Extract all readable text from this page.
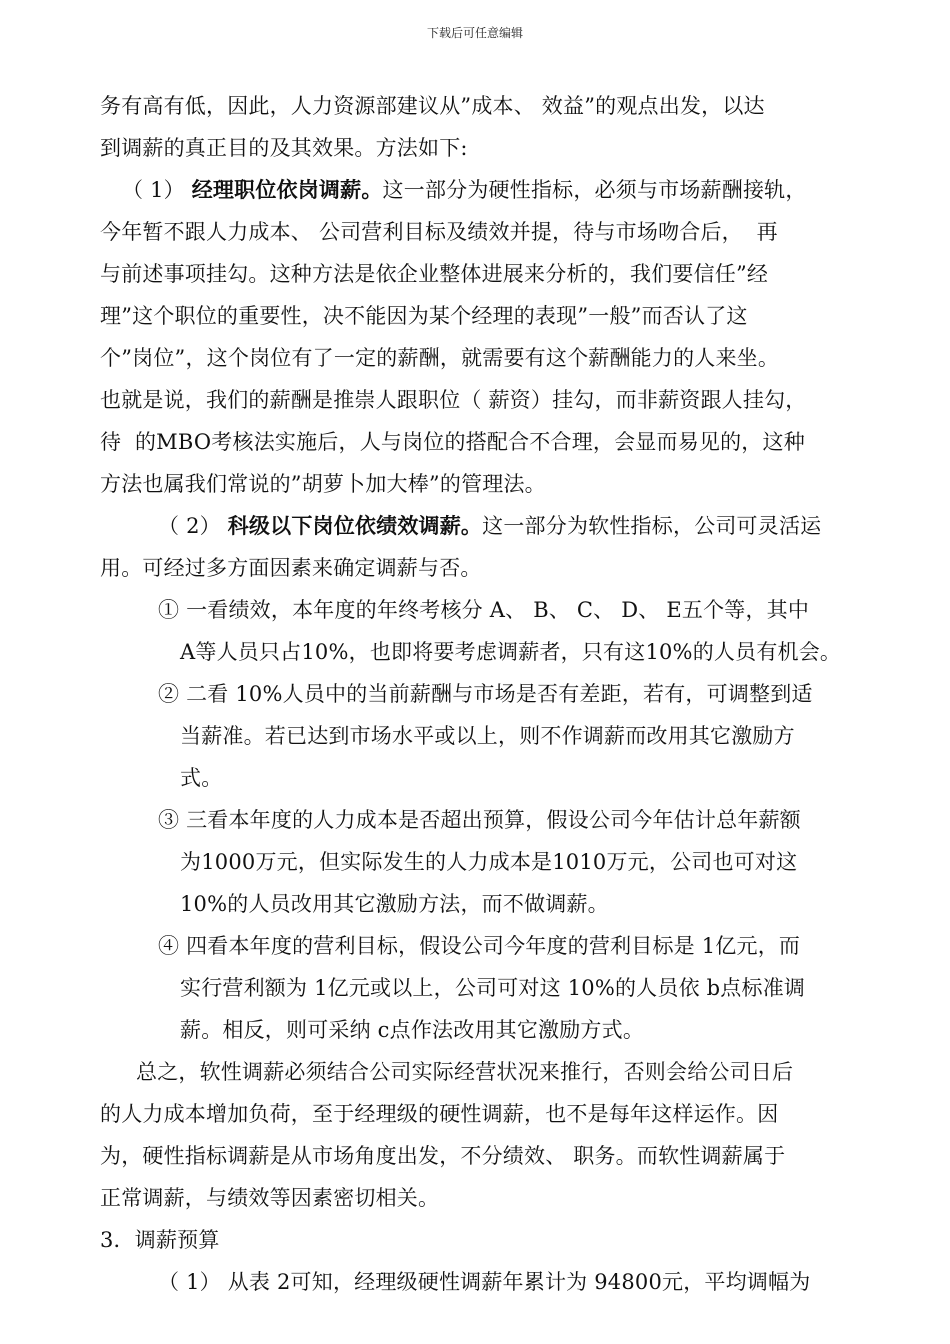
下载后可任意编辑
务有高有低，因此，人力资源部建议从”成本、 效益”的观点出发，以达
到调薪的真正目的及其效果。方法如下:
（ 1） 经理职位依岗调薪。这一部分为硬性指标，必须与市场薪酬接轨，
今年暂不跟人力成本、 公司营利目标及绩效并提，待与市场吻合后，  再
与前述事项挂勾。这种方法是依企业整体进展来分析的，我们要信任”经
理”这个职位的重要性，决不能因为某个经理的表现”一般”而否认了这
个”岗位”，这个岗位有了一定的薪酬，就需要有这个薪酬能力的人来坐。
也就是说，我们的薪酬是推崇人跟职位（ 薪资）挂勾，而非薪资跟人挂勾，
待  的MBO考核法实施后，人与岗位的搭配合不合理，会显而易见的，这种
方法也属我们常说的”胡萝卜加大棒”的管理法。
（ 2） 科级以下岗位依绩效调薪。这一部分为软性指标，公司可灵活运
用。可经过多方面因素来确定调薪与否。
① 一看绩效，本年度的年终考核分 A、 B、 C、 D、 E五个等，其中
A等人员只占10%，也即将要考虑调薪者，只有这10%的人员有机会。
② 二看 10%人员中的当前薪酬与市场是否有差距，若有，可调整到适
当薪准。若已达到市场水平或以上，则不作调薪而改用其它激励方
式。
③ 三看本年度的人力成本是否超出预算，假设公司今年估计总年薪额
为1000万元，但实际发生的人力成本是1010万元，公司也可对这
10%的人员改用其它激励方法，而不做调薪。
④ 四看本年度的营利目标，假设公司今年度的营利目标是 1亿元，而
实行营利额为 1亿元或以上，公司可对这 10%的人员依 b点标准调
薪。相反，则可采纳 c点作法改用其它激励方式。
总之，软性调薪必须结合公司实际经营状况来推行，否则会给公司日后
的人力成本增加负荷，至于经理级的硬性调薪，也不是每年这样运作。因
为，硬性指标调薪是从市场角度出发，不分绩效、 职务。而软性调薪属于
正常调薪，与绩效等因素密切相关。
3．调薪预算
（ 1） 从表 2可知，经理级硬性调薪年累计为 94800元，平均调幅为
